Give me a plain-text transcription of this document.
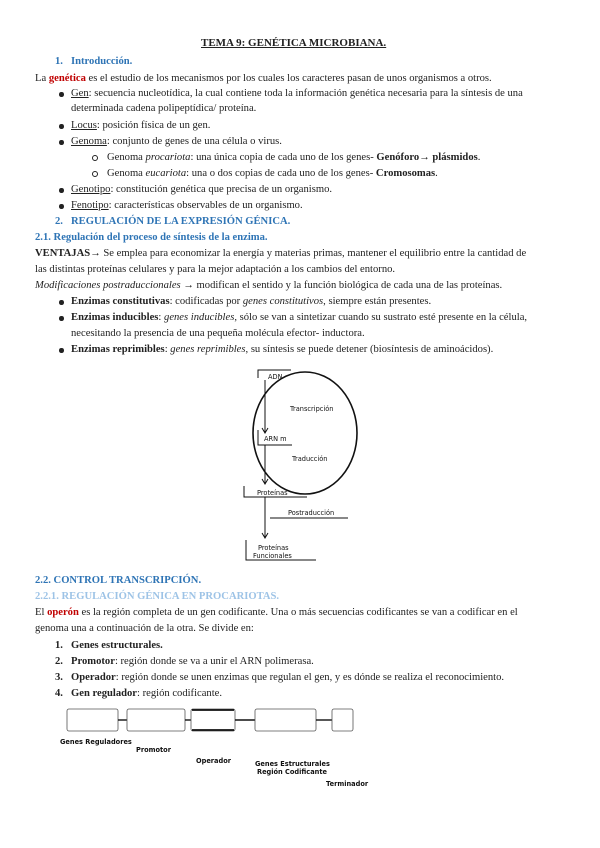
TEMA 9: GENÉTICA MICROBIANA.
1. Introducción.
La genética es el estudio de los mecanismos por los cuales los caracteres pasan de unos organismos a otros.
Gen: secuencia nucleotídica, la cual contiene toda la información genética necesaria para la síntesis de una
determinada cadena polipeptídica/ proteína.
Locus: posición física de un gen.
Genoma: conjunto de genes de una célula o virus.
Genoma procariota: una única copia de cada uno de los genes- Genóforo→ plásmidos.
Genoma eucariota: una o dos copias de cada uno de los genes- Cromosomas.
Genotipo: constitución genética que precisa de un organismo.
Fenotipo: características observables de un organismo.
2. REGULACIÓN DE LA EXPRESIÓN GÉNICA.
2.1. Regulación del proceso de síntesis de la enzima.
VENTAJAS→ Se emplea para economizar la energía y materias primas, mantener el equilibrio entre la cantidad de
las distintas proteínas celulares y para la mejor adaptación a los cambios del entorno.
Modificaciones postraduccionales → modifican el sentido y la función biológica de cada una de las proteínas.
Enzimas constitutivas: codificadas por genes constitutivos, siempre están presentes.
Enzimas inducibles: genes inducibles, sólo se van a sintetizar cuando su sustrato esté presente en la célula,
necesitando la presencia de una pequeña molécula efector- inductora.
Enzimas reprimibles: genes reprimibles, su síntesis se puede detener (biosíntesis de aminoácidos).
ADN
Transcripción
ARN m
Traducción
Proteínas
Postraducción
Proteínas
Funcionales
2.2. CONTROL TRANSCRIPCIÓN.
2.2.1. REGULACIÓN GÉNICA EN PROCARIOTAS.
El operón es la región completa de un gen codificante. Una o más secuencias codificantes se van a codificar en el
genoma una a continuación de la otra. Se divide en:
1. Genes estructurales.
2. Promotor: región donde se va a unir el ARN polimerasa.
3. Operador: región donde se unen enzimas que regulan el gen, y es dónde se realiza el reconocimiento.
4. Gen regulador: región codificante.
Genes Reguladores
Promotor
Operador	Genes Estructurales
Región Codificante
Terminador
